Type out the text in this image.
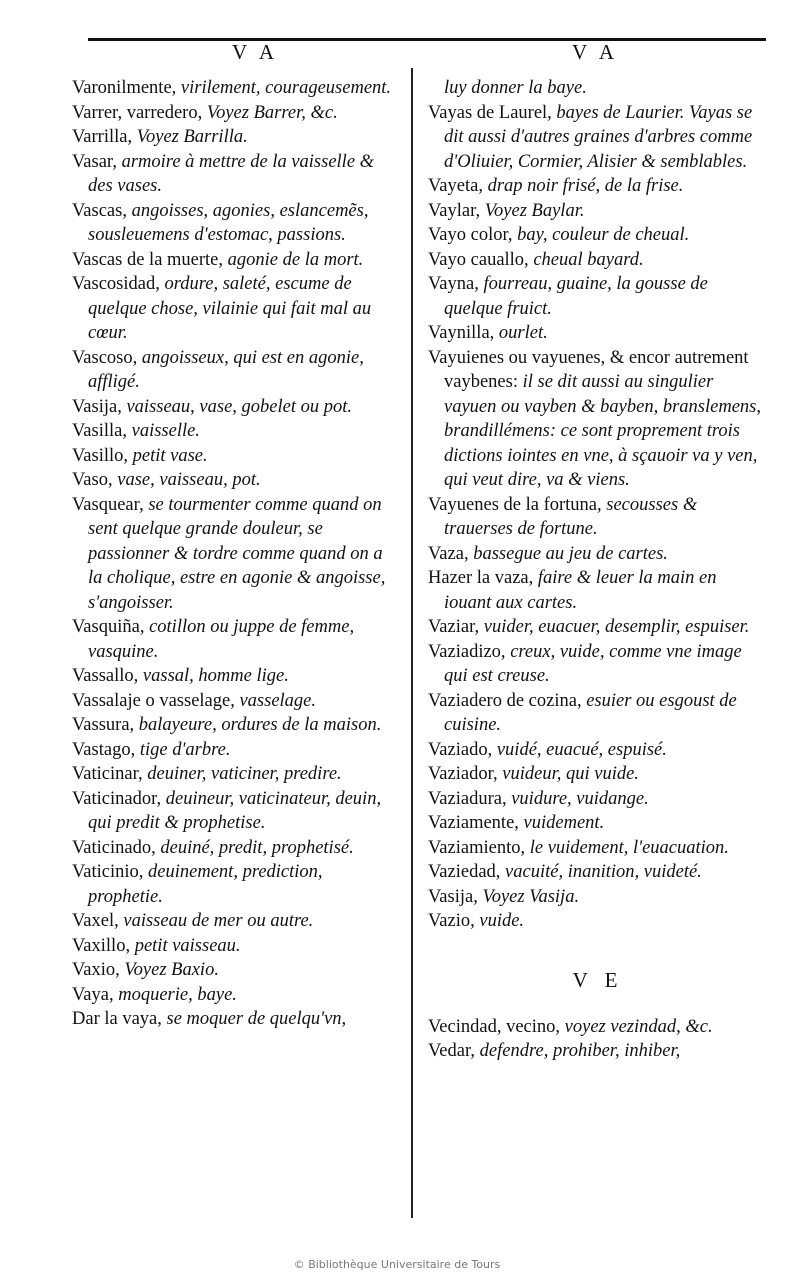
V A	V A
Varonilmente, virilement, courageusement.
Varrer, varredero, Voyez Barrer, &c.
Varrilla, Voyez Barrilla.
Vasar, armoire à mettre de la vaisselle & des vases.
Vascas, angoisses, agonies, eslancemẽs, sousleuemens d'estomac, passions.
Vascas de la muerte, agonie de la mort.
Vascosidad, ordure, saleté, escume de quelque chose, vilainie qui fait mal au cœur.
Vascoso, angoisseux, qui est en agonie, affligé.
Vasija, vaisseau, vase, gobelet ou pot.
Vasilla, vaisselle.
Vasillo, petit vase.
Vaso, vase, vaisseau, pot.
Vasquear, se tourmenter comme quand on sent quelque grande douleur, se passionner & tordre comme quand on a la cholique, estre en agonie & angoisse, s'angoisser.
Vasquiña, cotillon ou juppe de femme, vasquine.
Vassallo, vassal, homme lige.
Vassalaje o vasselage, vasselage.
Vassura, balayeure, ordures de la maison.
Vastago, tige d'arbre.
Vaticinar, deuiner, vaticiner, predire.
Vaticinador, deuineur, vaticinateur, deuin, qui predit & prophetise.
Vaticinado, deuiné, predit, prophetisé.
Vaticinio, deuinement, prediction, prophetie.
Vaxel, vaisseau de mer ou autre.
Vaxillo, petit vaisseau.
Vaxio, Voyez Baxio.
Vaya, moquerie, baye.
Dar la vaya, se moquer de quelqu'vn,
luy donner la baye.
Vayas de Laurel, bayes de Laurier. Vayas se dit aussi d'autres graines d'arbres comme d'Oliuier, Cormier, Alisier & semblables.
Vayeta, drap noir frisé, de la frise.
Vaylar, Voyez Baylar.
Vayo color, bay, couleur de cheual.
Vayo cauallo, cheual bayard.
Vayna, fourreau, guaine, la gousse de quelque fruict.
Vaynilla, ourlet.
Vayuienes ou vayuenes, & encor autrement vaybenes: il se dit aussi au singulier vayuen ou vayben & bayben, branslemens, brandillémens: ce sont proprement trois dictions iointes en vne, à sçauoir va y ven, qui veut dire, va & viens.
Vayuenes de la fortuna, secousses & trauerses de fortune.
Vaza, bassegue au jeu de cartes.
Hazer la vaza, faire & leuer la main en iouant aux cartes.
Vaziar, vuider, euacuer, desemplir, espuiser.
Vaziadizo, creux, vuide, comme vne image qui est creuse.
Vaziadero de cozina, esuier ou esgoust de cuisine.
Vaziado, vuidé, euacué, espuisé.
Vaziador, vuideur, qui vuide.
Vaziadura, vuidure, vuidange.
Vaziamente, vuidement.
Vaziamiento, le vuidement, l'euacuation.
Vaziedad, vacuité, inanition, vuideté.
Vasija, Voyez Vasija.
Vazio, vuide.
V E
Vecindad, vecino, voyez vezindad, &c.
Vedar, defendre, prohiber, inhiber,
© Bibliothèque Universitaire de Tours
